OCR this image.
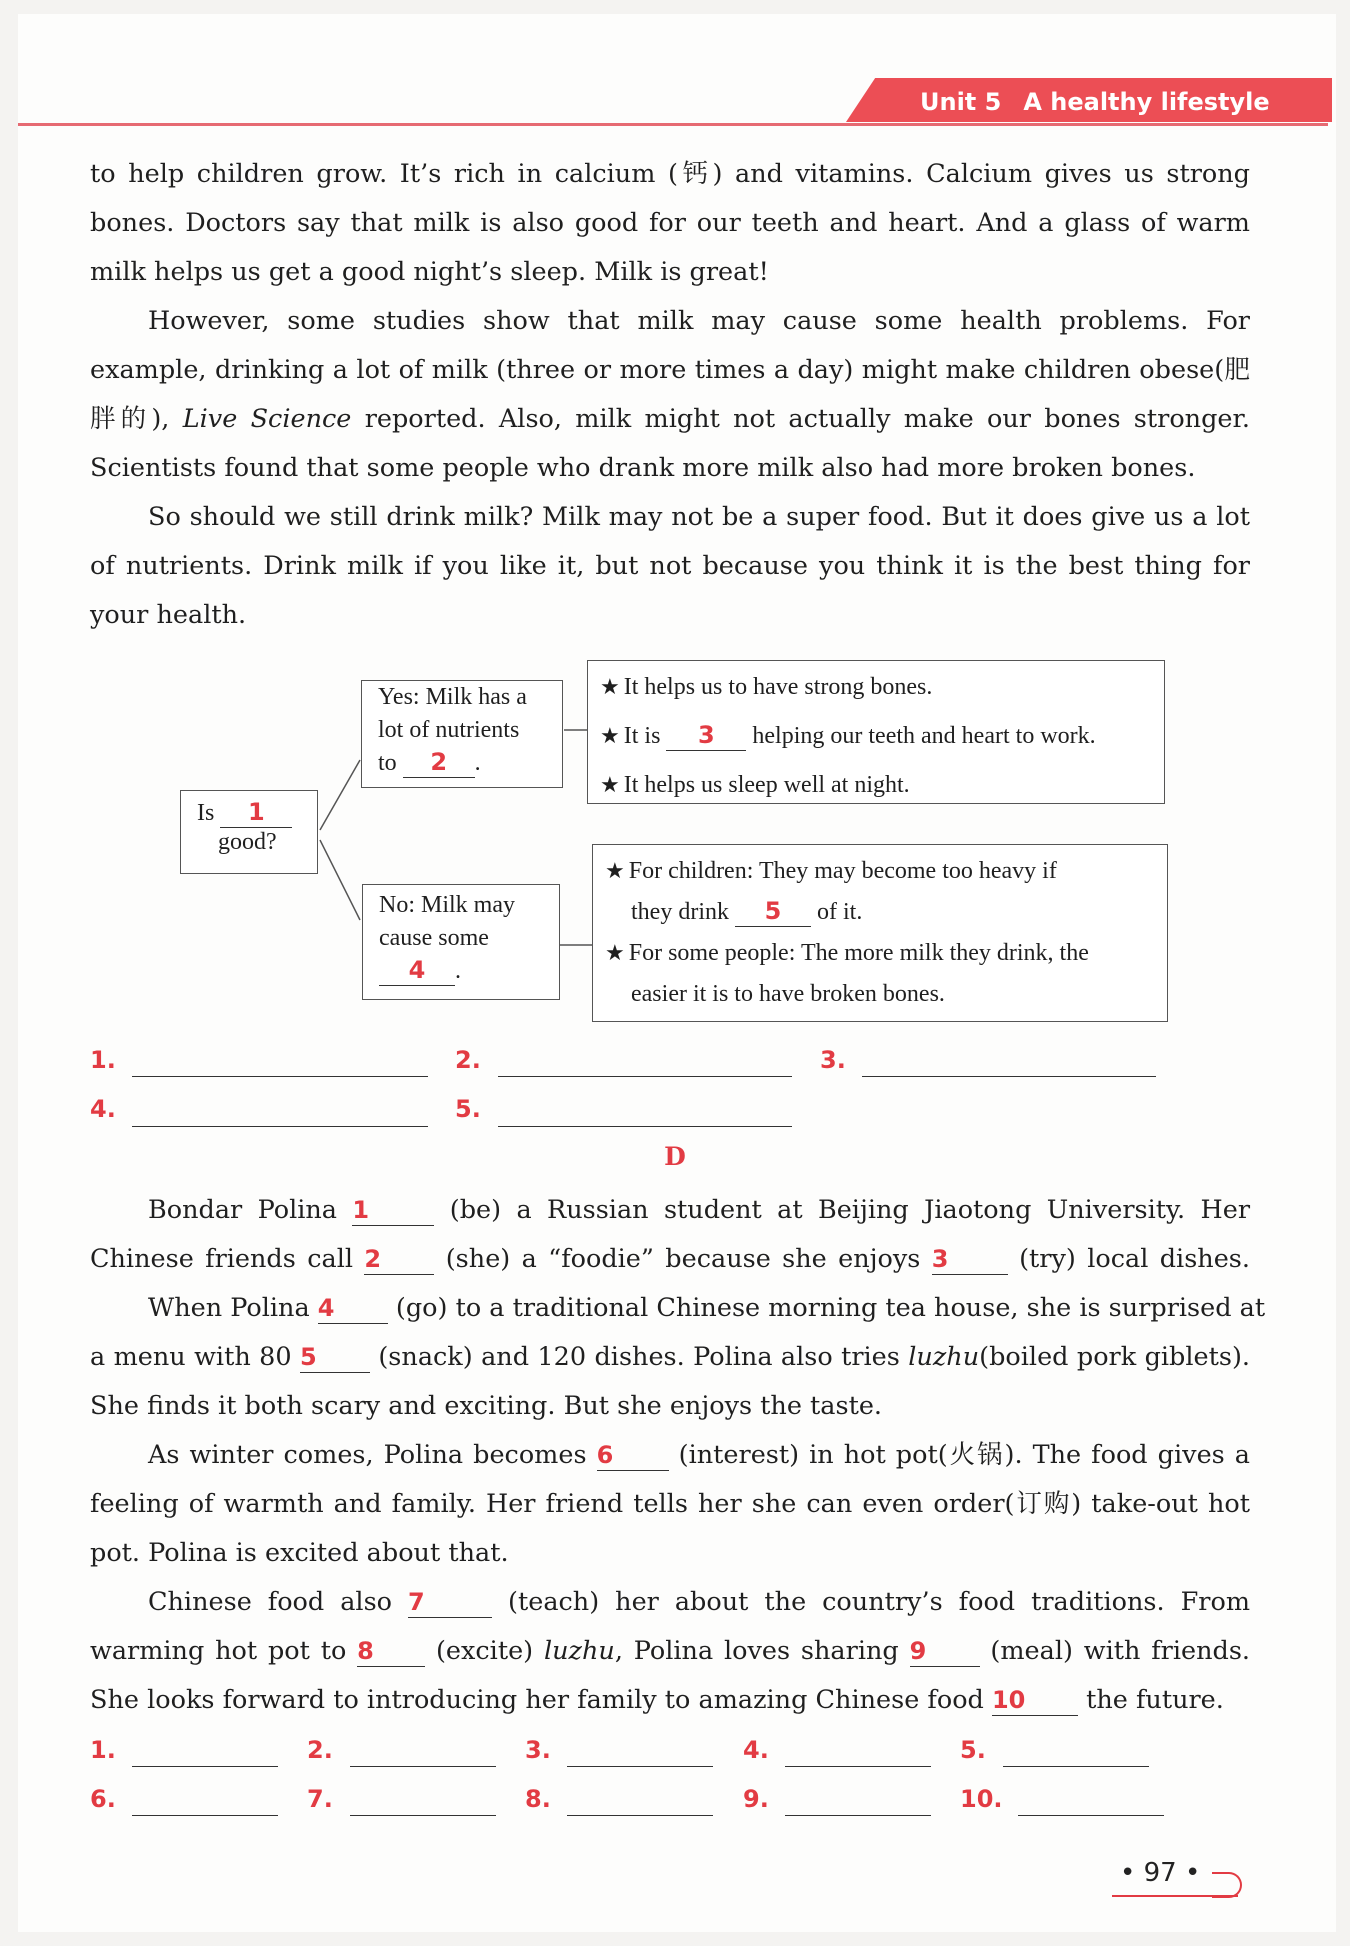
Unit 5 A healthy lifestyle
to help children grow. It’s rich in calcium (钙) and vitamins. Calcium gives us strong
bones. Doctors say that milk is also good for our teeth and heart. And a glass of warm
milk helps us get a good night’s sleep. Milk is great!
However, some studies show that milk may cause some health problems. For
example, drinking a lot of milk (three or more times a day) might make children obese(肥
胖的), Live Science reported. Also, milk might not actually make our bones stronger.
Scientists found that some people who drank more milk also had more broken bones.
So should we still drink milk? Milk may not be a super food. But it does give us a lot
of nutrients. Drink milk if you like it, but not because you think it is the best thing for
your health.
Is 1
good?
Yes: Milk has a
lot of nutrients
to 2 .
No: Milk may
cause some
4 .
★ It helps us to have strong bones.
★ It is 3 helping our teeth and heart to work.
★ It helps us sleep well at night.
★ For children: They may become too heavy if
they drink 5 of it.
★ For some people: The more milk they drink, the
easier it is to have broken bones.
1.	2.	3.
4.	5.
D
Bondar Polina 1	(be) a Russian student at Beijing Jiaotong University. Her
Chinese friends call 2	(she) a “foodie” because she enjoys 3	(try) local dishes.
When Polina 4 (go) to a traditional Chinese morning tea house, she is surprised at
a menu with 80 5 (snack) and 120 dishes. Polina also tries luzhu(boiled pork giblets).
She finds it both scary and exciting. But she enjoys the taste.
As winter comes, Polina becomes 6	(interest) in hot pot(火锅). The food gives a
feeling of warmth and family. Her friend tells her she can even order(订购) take-out hot
pot. Polina is excited about that.
Chinese food also 7	(teach) her about the country’s food traditions. From
warming hot pot to 8 (excite) luzhu, Polina loves sharing 9	(meal) with friends.
She looks forward to introducing her family to amazing Chinese food 10 the future.
1.	2.	3.	4.	5.
6.	7.	8.	9.	10.
• 97 •
